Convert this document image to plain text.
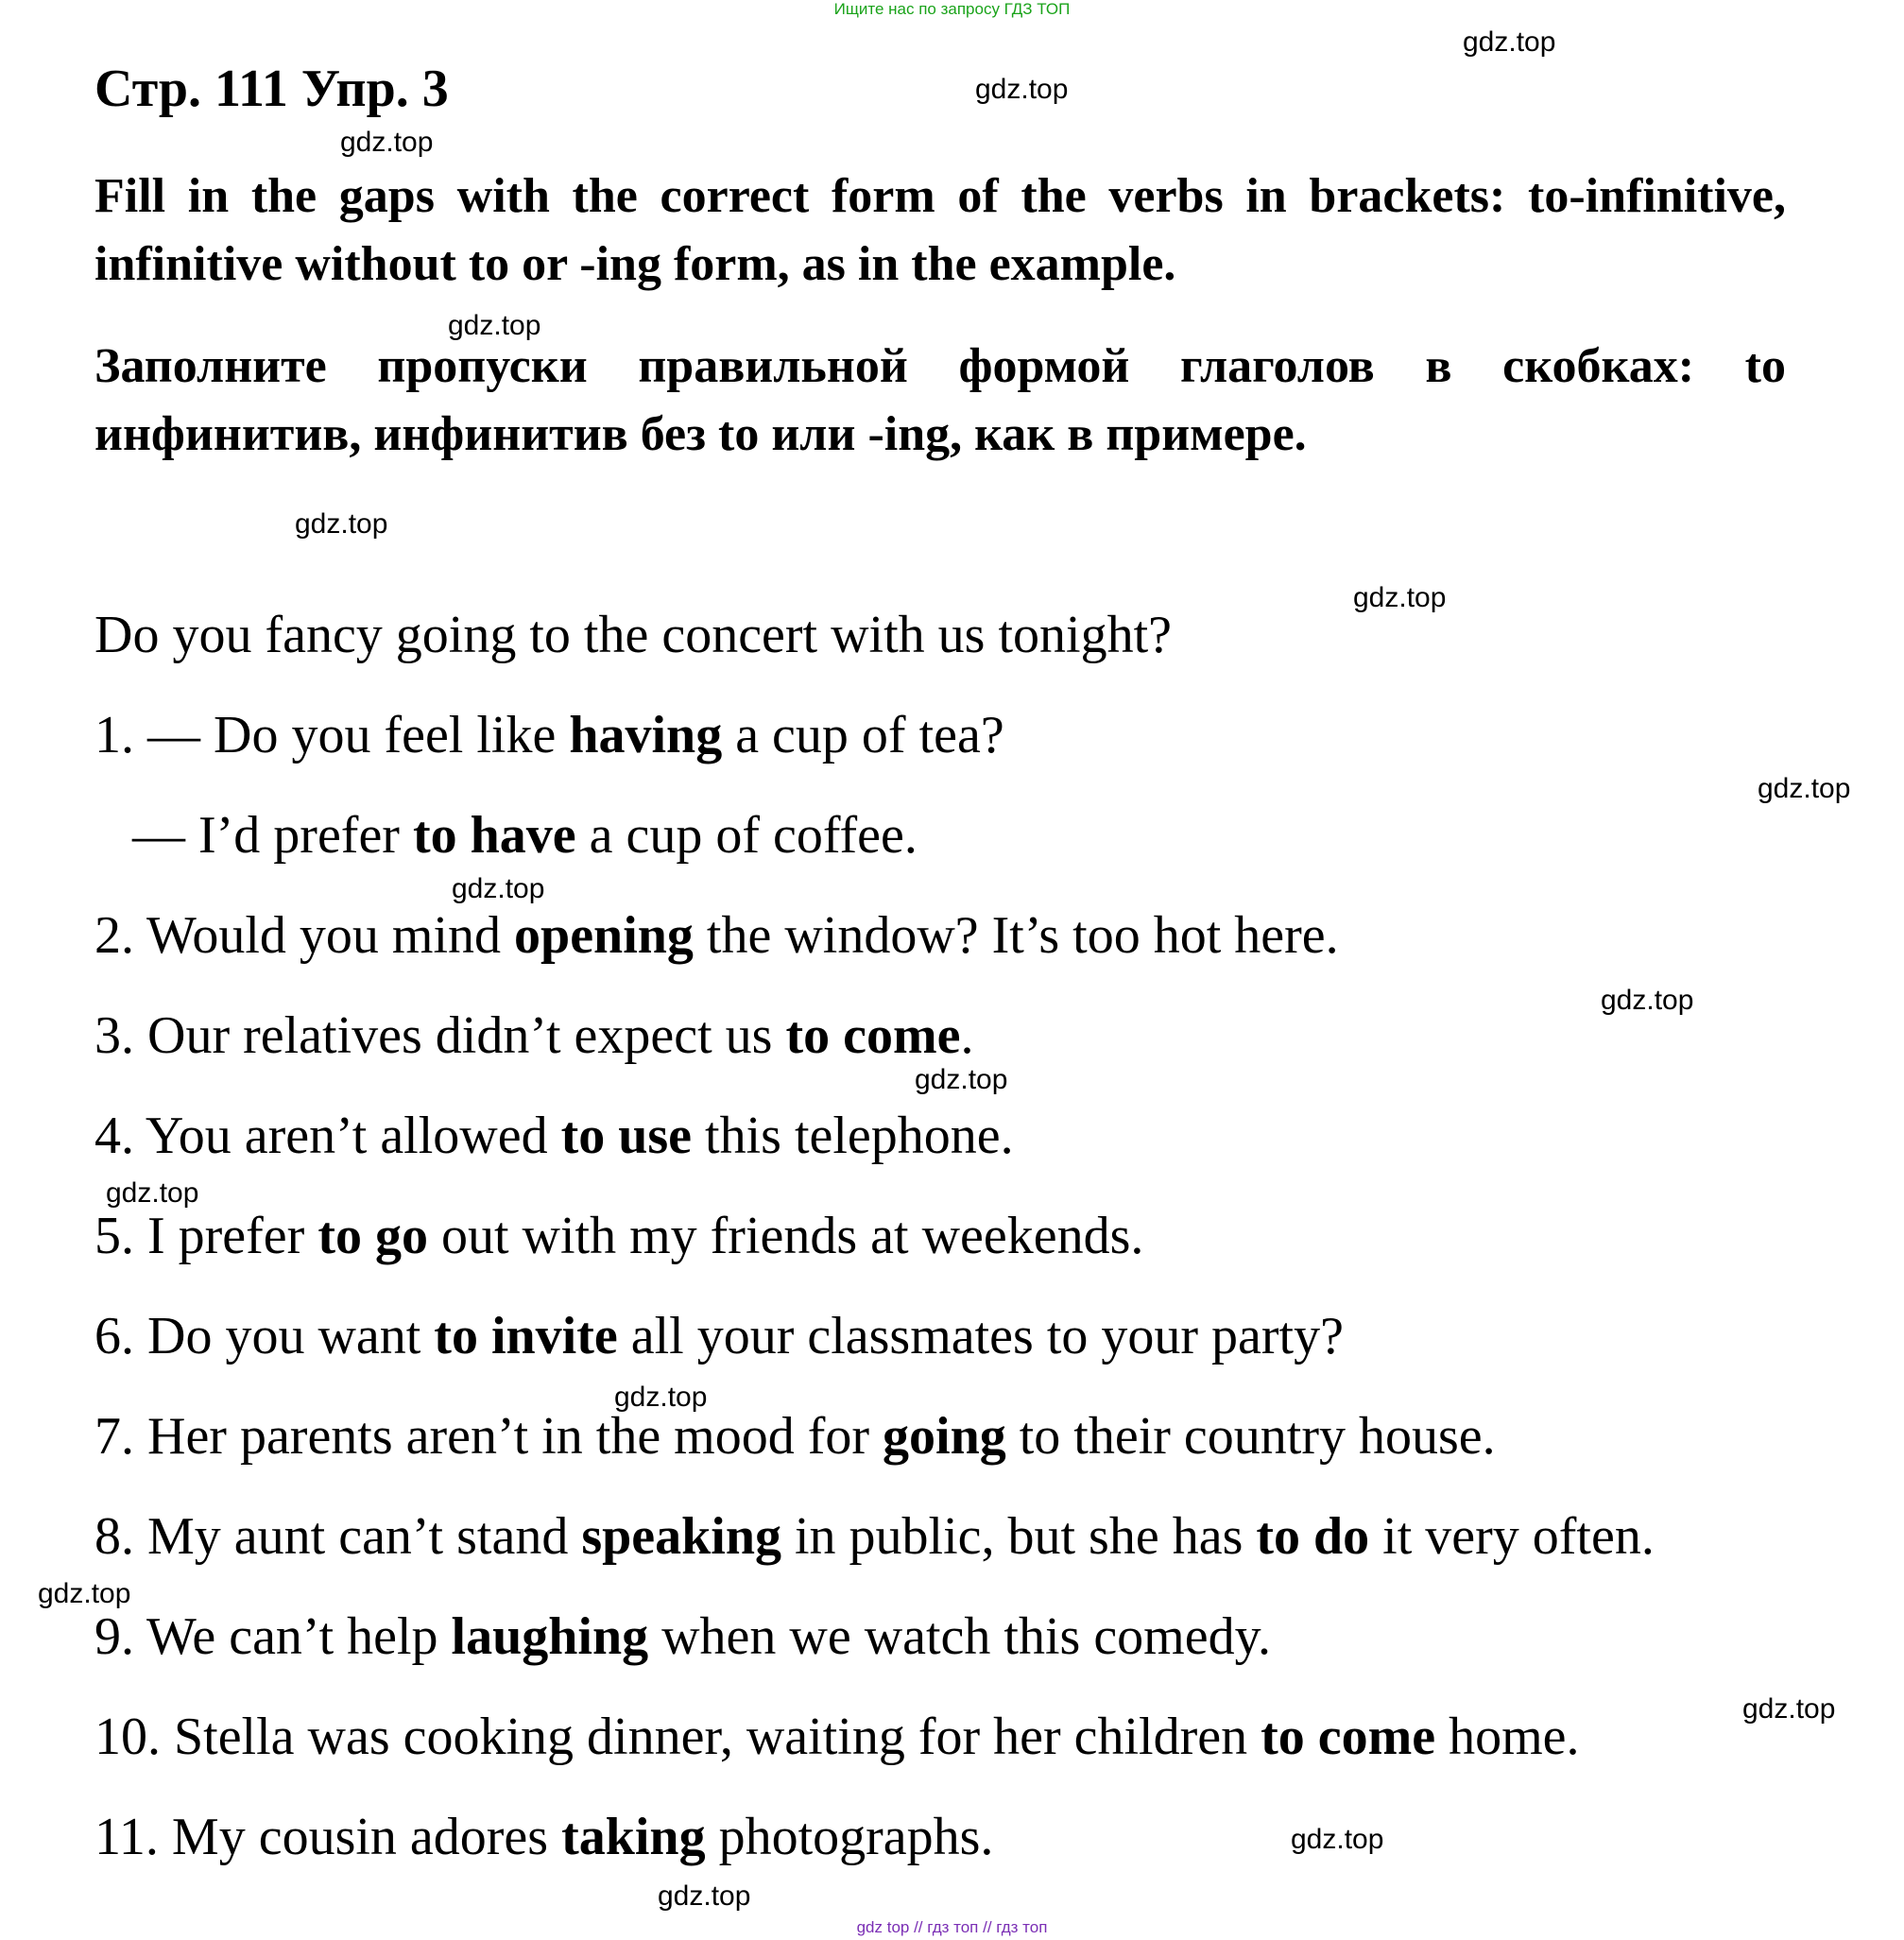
Ищите нас по запросу ГДЗ ТОП
Стр. 111 Упр. 3
Fill in the gaps with the correct form of the verbs in brackets: to-infinitive, infinitive without to or -ing form, as in the example.
Заполните пропуски правильной формой глаголов в скобках: to инфинитив, инфинитив без to или -ing, как в примере.
Do you fancy going to the concert with us tonight?
1. — Do you feel like having a cup of tea?
— I’d prefer to have a cup of coffee.
2. Would you mind opening the window? It’s too hot here.
3. Our relatives didn’t expect us to come.
4. You aren’t allowed to use this telephone.
5. I prefer to go out with my friends at weekends.
6. Do you want to invite all your classmates to your party?
7. Her parents aren’t in the mood for going to their country house.
8. My aunt can’t stand speaking in public, but she has to do it very often.
9. We can’t help laughing when we watch this comedy.
10. Stella was cooking dinner, waiting for her children to come home.
11. My cousin adores taking photographs.
gdz.top
gdz.top
gdz.top
gdz.top
gdz.top
gdz.top
gdz.top
gdz.top
gdz.top
gdz.top
gdz.top
gdz.top
gdz.top
gdz.top
gdz.top
gdz.top
gdz top // гдз топ // гдз топ
